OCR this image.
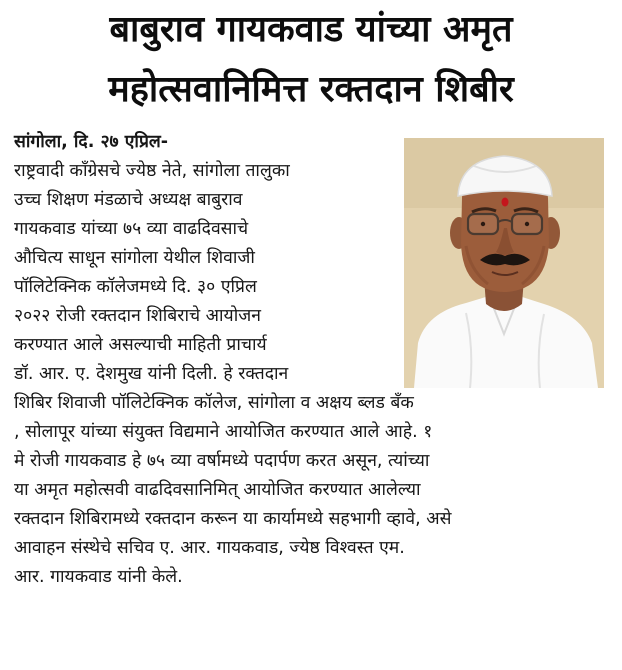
बाबुराव गायकवाड यांच्या अमृत
महोत्सवानिमित्त रक्तदान शिबीर
सांगोला, दि. २७ एप्रिल-
राष्ट्रवादी कॉंग्रेसचे ज्येष्ठ नेते, सांगोला तालुका
उच्च शिक्षण मंडळाचे अध्यक्ष बाबुराव
गायकवाड यांच्या ७५ व्या वाढदिवसाचे
औचित्य साधून सांगोला येथील शिवाजी
पॉलिटेक्निक कॉलेजमध्ये दि. ३० एप्रिल
२०२२ रोजी रक्तदान शिबिराचे आयोजन
करण्यात आले असल्याची माहिती प्राचार्य
डॉ. आर. ए. देशमुख यांनी दिली. हे रक्तदान
शिबिर शिवाजी पॉलिटेक्निक कॉलेज, सांगोला व अक्षय ब्लड बँक
, सोलापूर यांच्या संयुक्त विद्यमाने आयोजित करण्यात आले आहे. १
मे रोजी गायकवाड हे ७५ व्या वर्षामध्ये पदार्पण करत असून, त्यांच्या
या अमृत महोत्सवी वाढदिवसानिमित् आयोजित करण्यात आलेल्या
रक्तदान शिबिरामध्ये रक्तदान करून या कार्यामध्ये सहभागी व्हावे, असे
आवाहन संस्थेचे सचिव ए. आर. गायकवाड, ज्येष्ठ विश्वस्त एम.
आर. गायकवाड यांनी केले.
